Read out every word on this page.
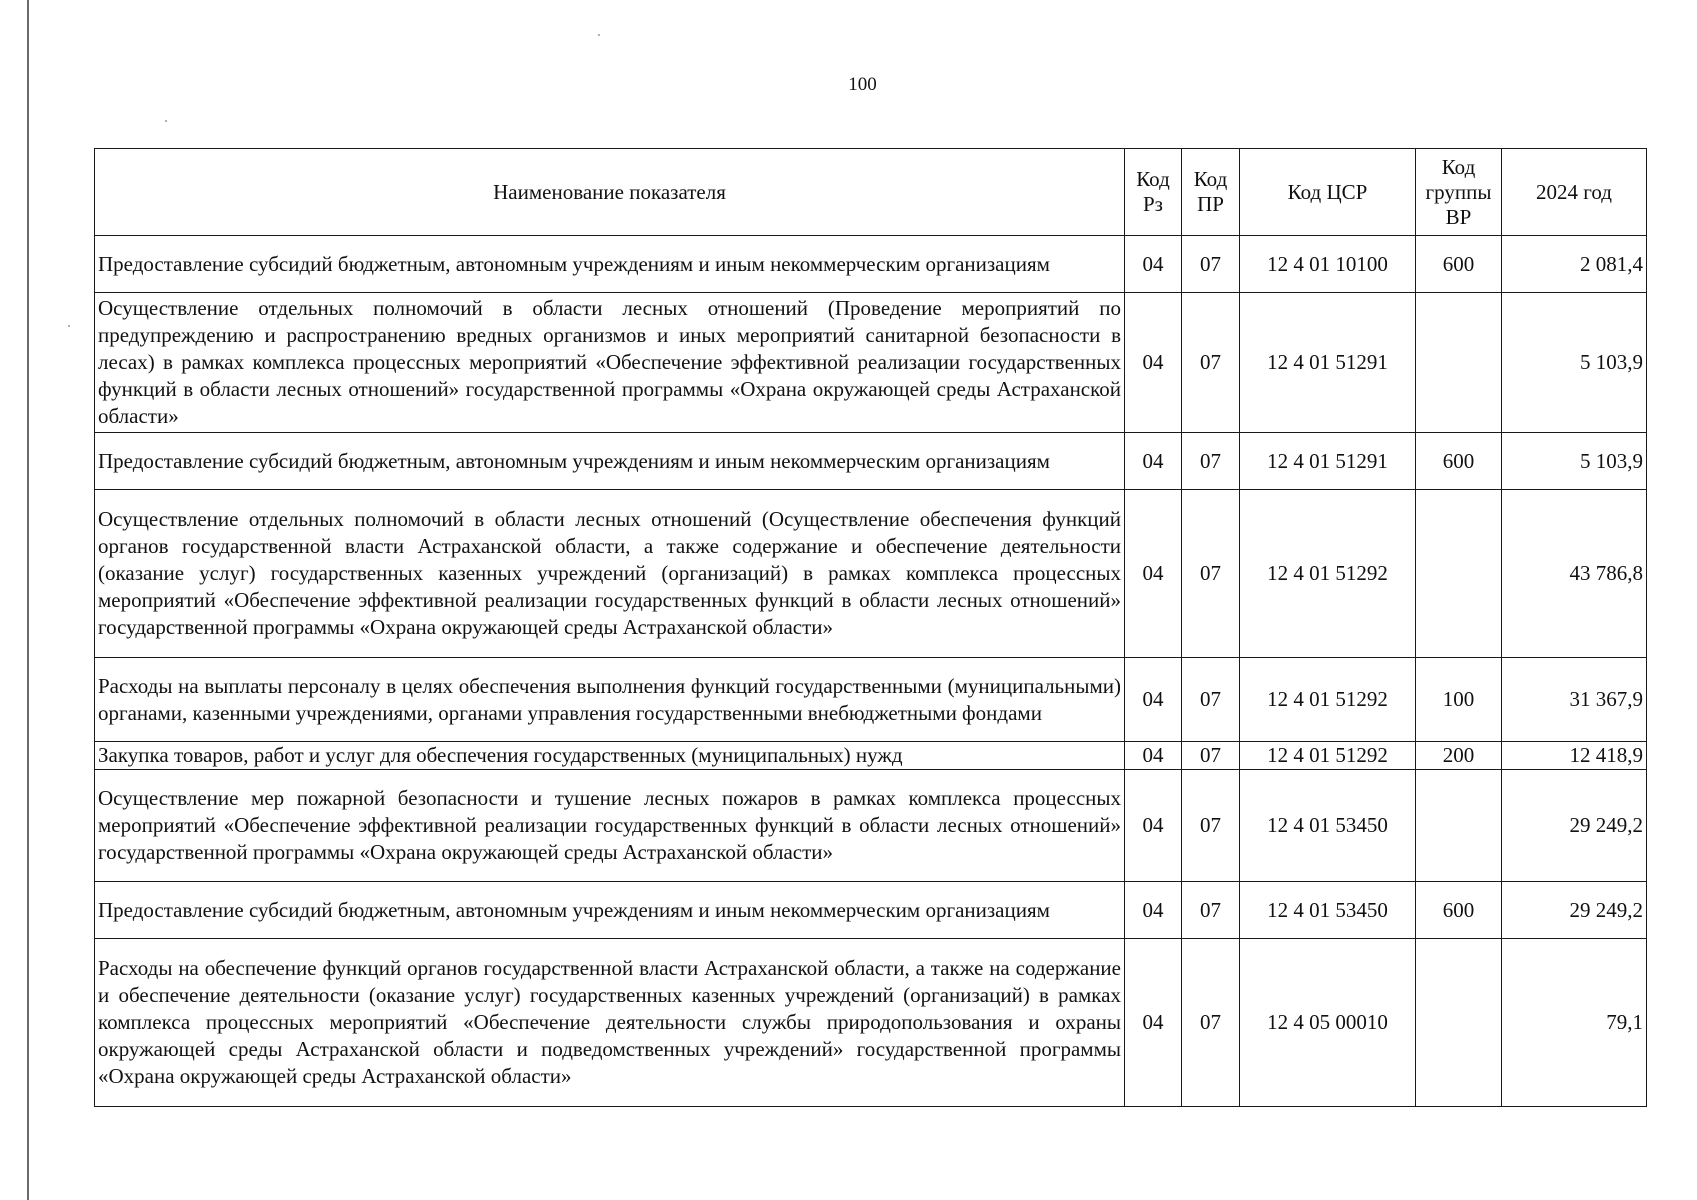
100
Наименование показателя	Код Рз	Код ПР	Код ЦСР	Код группы ВР	2024 год
Предоставление субсидий бюджетным, автономным учреждениям и иным некоммерческим организациям	04	07	12 4 01 10100	600	2 081,4
Осуществление отдельных полномочий в области лесных отношений (Проведение мероприятий по предупреждению и распространению вредных организмов и иных мероприятий санитарной безопасности в лесах) в рамках комплекса процессных мероприятий «Обеспечение эффективной реализации государственных функций в области лесных отношений» государственной программы «Охрана окружающей среды Астраханской области»	04	07	12 4 01 51291		5 103,9
Предоставление субсидий бюджетным, автономным учреждениям и иным некоммерческим организациям	04	07	12 4 01 51291	600	5 103,9
Осуществление отдельных полномочий в области лесных отношений (Осуществление обеспечения функций органов государственной власти Астраханской области, а также содержание и обеспечение деятельности (оказание услуг) государственных казенных учреждений (организаций) в рамках комплекса процессных мероприятий «Обеспечение эффективной реализации государственных функций в области лесных отношений» государственной программы «Охрана окружающей среды Астраханской области»	04	07	12 4 01 51292		43 786,8
Расходы на выплаты персоналу в целях обеспечения выполнения функций государственными (муниципальными) органами, казенными учреждениями, органами управления государственными внебюджетными фондами	04	07	12 4 01 51292	100	31 367,9
Закупка товаров, работ и услуг для обеспечения государственных (муниципальных) нужд	04	07	12 4 01 51292	200	12 418,9
Осуществление мер пожарной безопасности и тушение лесных пожаров в рамках комплекса процессных мероприятий «Обеспечение эффективной реализации государственных функций в области лесных отношений» государственной программы «Охрана окружающей среды Астраханской области»	04	07	12 4 01 53450		29 249,2
Предоставление субсидий бюджетным, автономным учреждениям и иным некоммерческим организациям	04	07	12 4 01 53450	600	29 249,2
Расходы на обеспечение функций органов государственной власти Астраханской области, а также на содержание и обеспечение деятельности (оказание услуг) государственных казенных учреждений (организаций) в рамках комплекса процессных мероприятий «Обеспечение деятельности службы природопользования и охраны окружающей среды Астраханской области и подведомственных учреждений» государственной программы «Охрана окружающей среды Астраханской области»	04	07	12 4 05 00010		79,1
